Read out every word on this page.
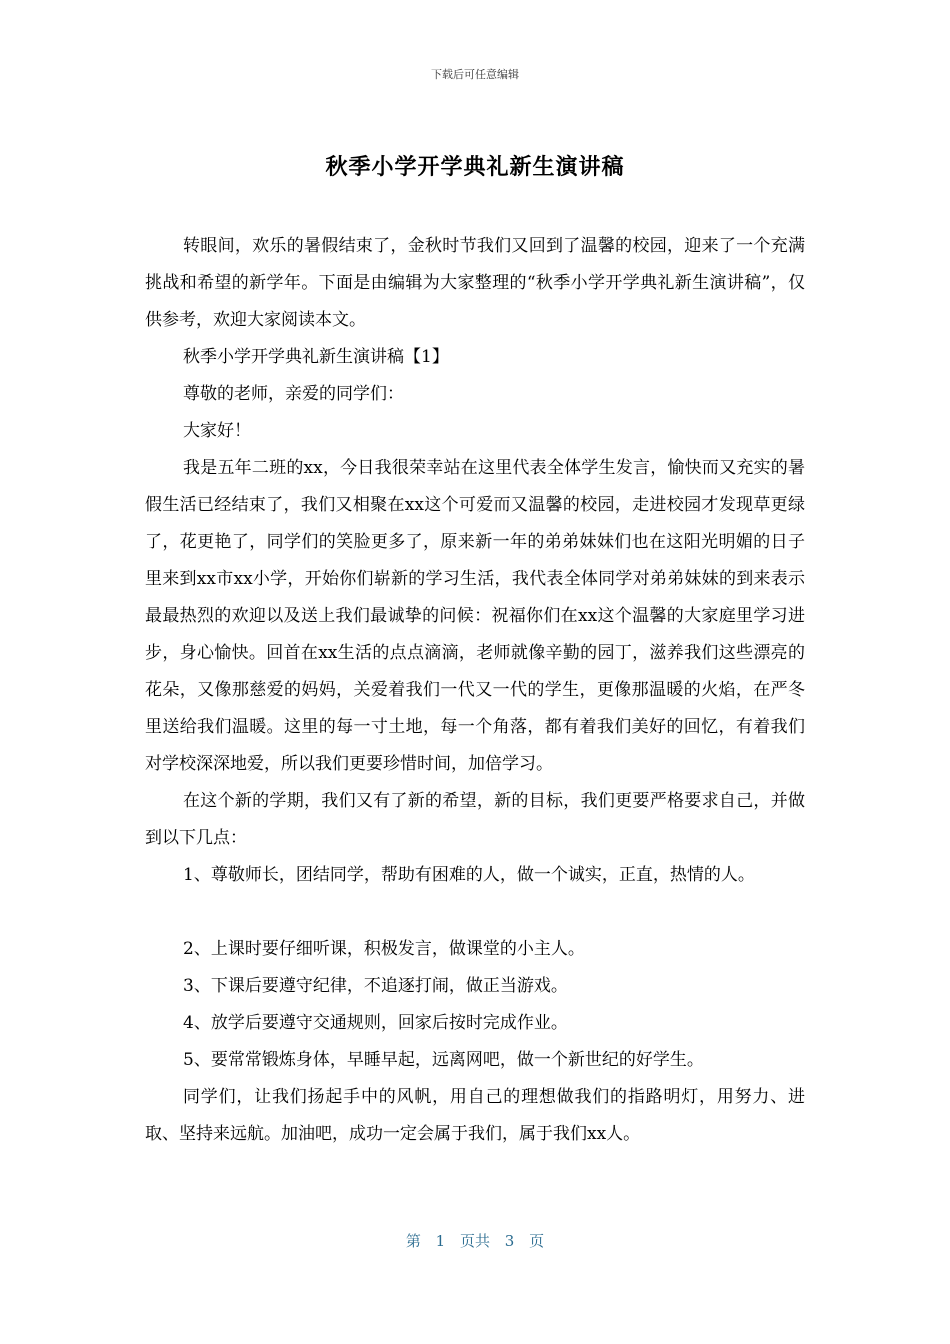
下载后可任意编辑
秋季小学开学典礼新生演讲稿

转眼间，欢乐的暑假结束了，金秋时节我们又回到了温馨的校园，迎来了一个充满挑战和希望的新学年。下面是由编辑为大家整理的“秋季小学开学典礼新生演讲稿”，仅供参考，欢迎大家阅读本文。

秋季小学开学典礼新生演讲稿【1】

尊敬的老师，亲爱的同学们：

大家好！

我是五年二班的xx，今日我很荣幸站在这里代表全体学生发言，愉快而又充实的暑假生活已经结束了，我们又相聚在xx这个可爱而又温馨的校园，走进校园才发现草更绿了，花更艳了，同学们的笑脸更多了，原来新一年的弟弟妹妹们也在这阳光明媚的日子里来到xx市xx小学，开始你们崭新的学习生活，我代表全体同学对弟弟妹妹的到来表示最最热烈的欢迎以及送上我们最诚挚的问候：祝福你们在xx这个温馨的大家庭里学习进步，身心愉快。回首在xx生活的点点滴滴，老师就像辛勤的园丁，滋养我们这些漂亮的花朵，又像那慈爱的妈妈，关爱着我们一代又一代的学生，更像那温暖的火焰，在严冬里送给我们温暖。这里的每一寸土地，每一个角落，都有着我们美好的回忆，有着我们对学校深深地爱，所以我们更要珍惜时间，加倍学习。

在这个新的学期，我们又有了新的希望，新的目标，我们更要严格要求自己，并做到以下几点：

1、尊敬师长，团结同学，帮助有困难的人，做一个诚实，正直，热情的人。

2、上课时要仔细听课，积极发言，做课堂的小主人。

3、下课后要遵守纪律，不追逐打闹，做正当游戏。

4、放学后要遵守交通规则，回家后按时完成作业。

5、要常常锻炼身体，早睡早起，远离网吧，做一个新世纪的好学生。

同学们，让我们扬起手中的风帆，用自己的理想做我们的指路明灯，用努力、进取、坚持来远航。加油吧，成功一定会属于我们，属于我们xx人。

第 1 页共 3 页
